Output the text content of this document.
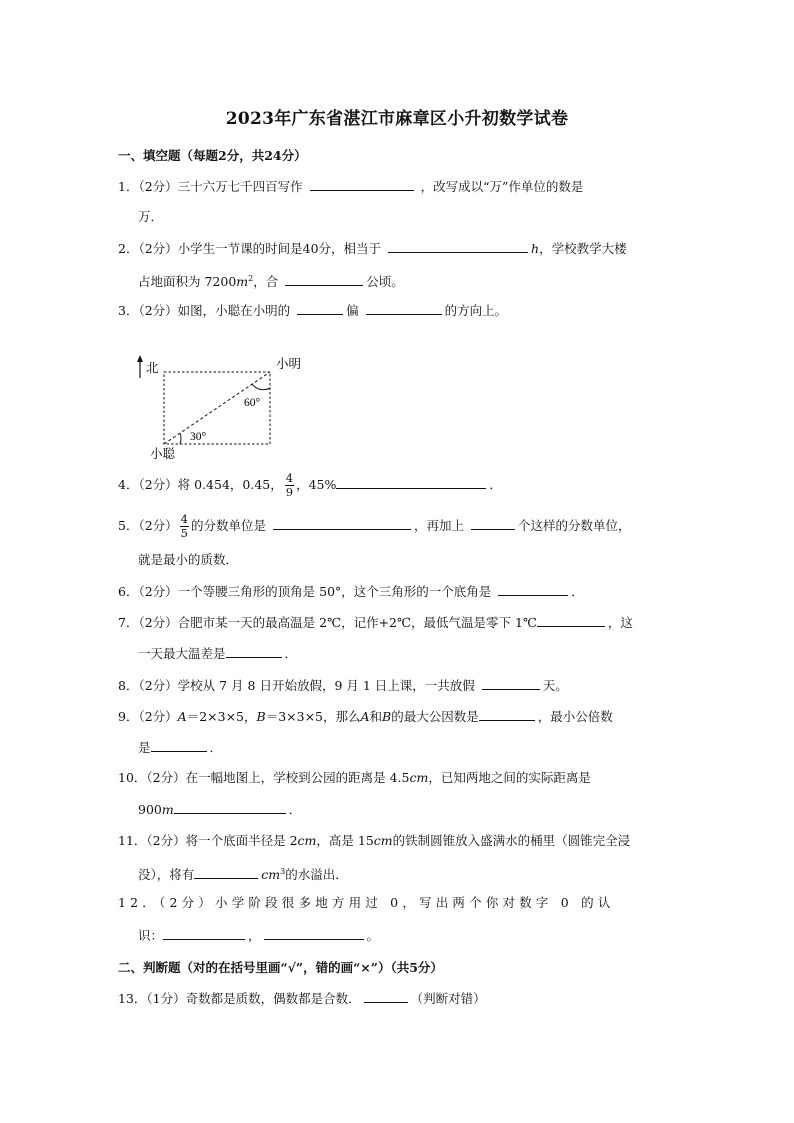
2023年广东省湛江市麻章区小升初数学试卷
一、填空题（每题2分，共24分）
1．（2分）三十六万七千四百写作	，改写成以“万”作单位的数是
万．
2．（2分）小学生一节课的时间是40分，相当于	h，学校教学大楼
占地面积为 $7200m^2$，合	公顷。
3．（2分）如图，小聪在小明的	偏	的方向上。
北	小明
60°
30°
小聪
4．（2分）将 0.454，0.45， $\frac{4}{9}$ ，45%	．
5．（2分） $\frac{4}{5}$ 的分数单位是	，再加上	个这样的分数单位，
就是最小的质数．
6．（2分）一个等腰三角形的顶角是 50°，这个三角形的一个底角是	．
7．（2分）合肥市某一天的最高温是 2℃，记作+2℃，最低气温是零下 1℃	，这
一天最大温差是	．
8．（2分）学校从 7 月 8 日开始放假，9 月 1 日上课，一共放假	天。
9．（2分）A＝2×3×5，B＝3×3×5，那么A和B的最大公因数是	，最小公倍数
是	．
10．（2分）在一幅地图上，学校到公园的距离是 4.5cm，已知两地之间的实际距离是
900m	．
11．（2分）将一个底面半径是 2cm，高是 15cm的铁制圆锥放入盛满水的桶里（圆锥完全浸
没），将有	$cm^3$的水溢出．
12．（2分）小学阶段很多地方用过 0，写出两个你对数字 0 的认
识：	，	。
二、判断题（对的在括号里画“√”，错的画“×”）（共5分）
13．（1分）奇数都是质数，偶数都是合数．	（判断对错）
